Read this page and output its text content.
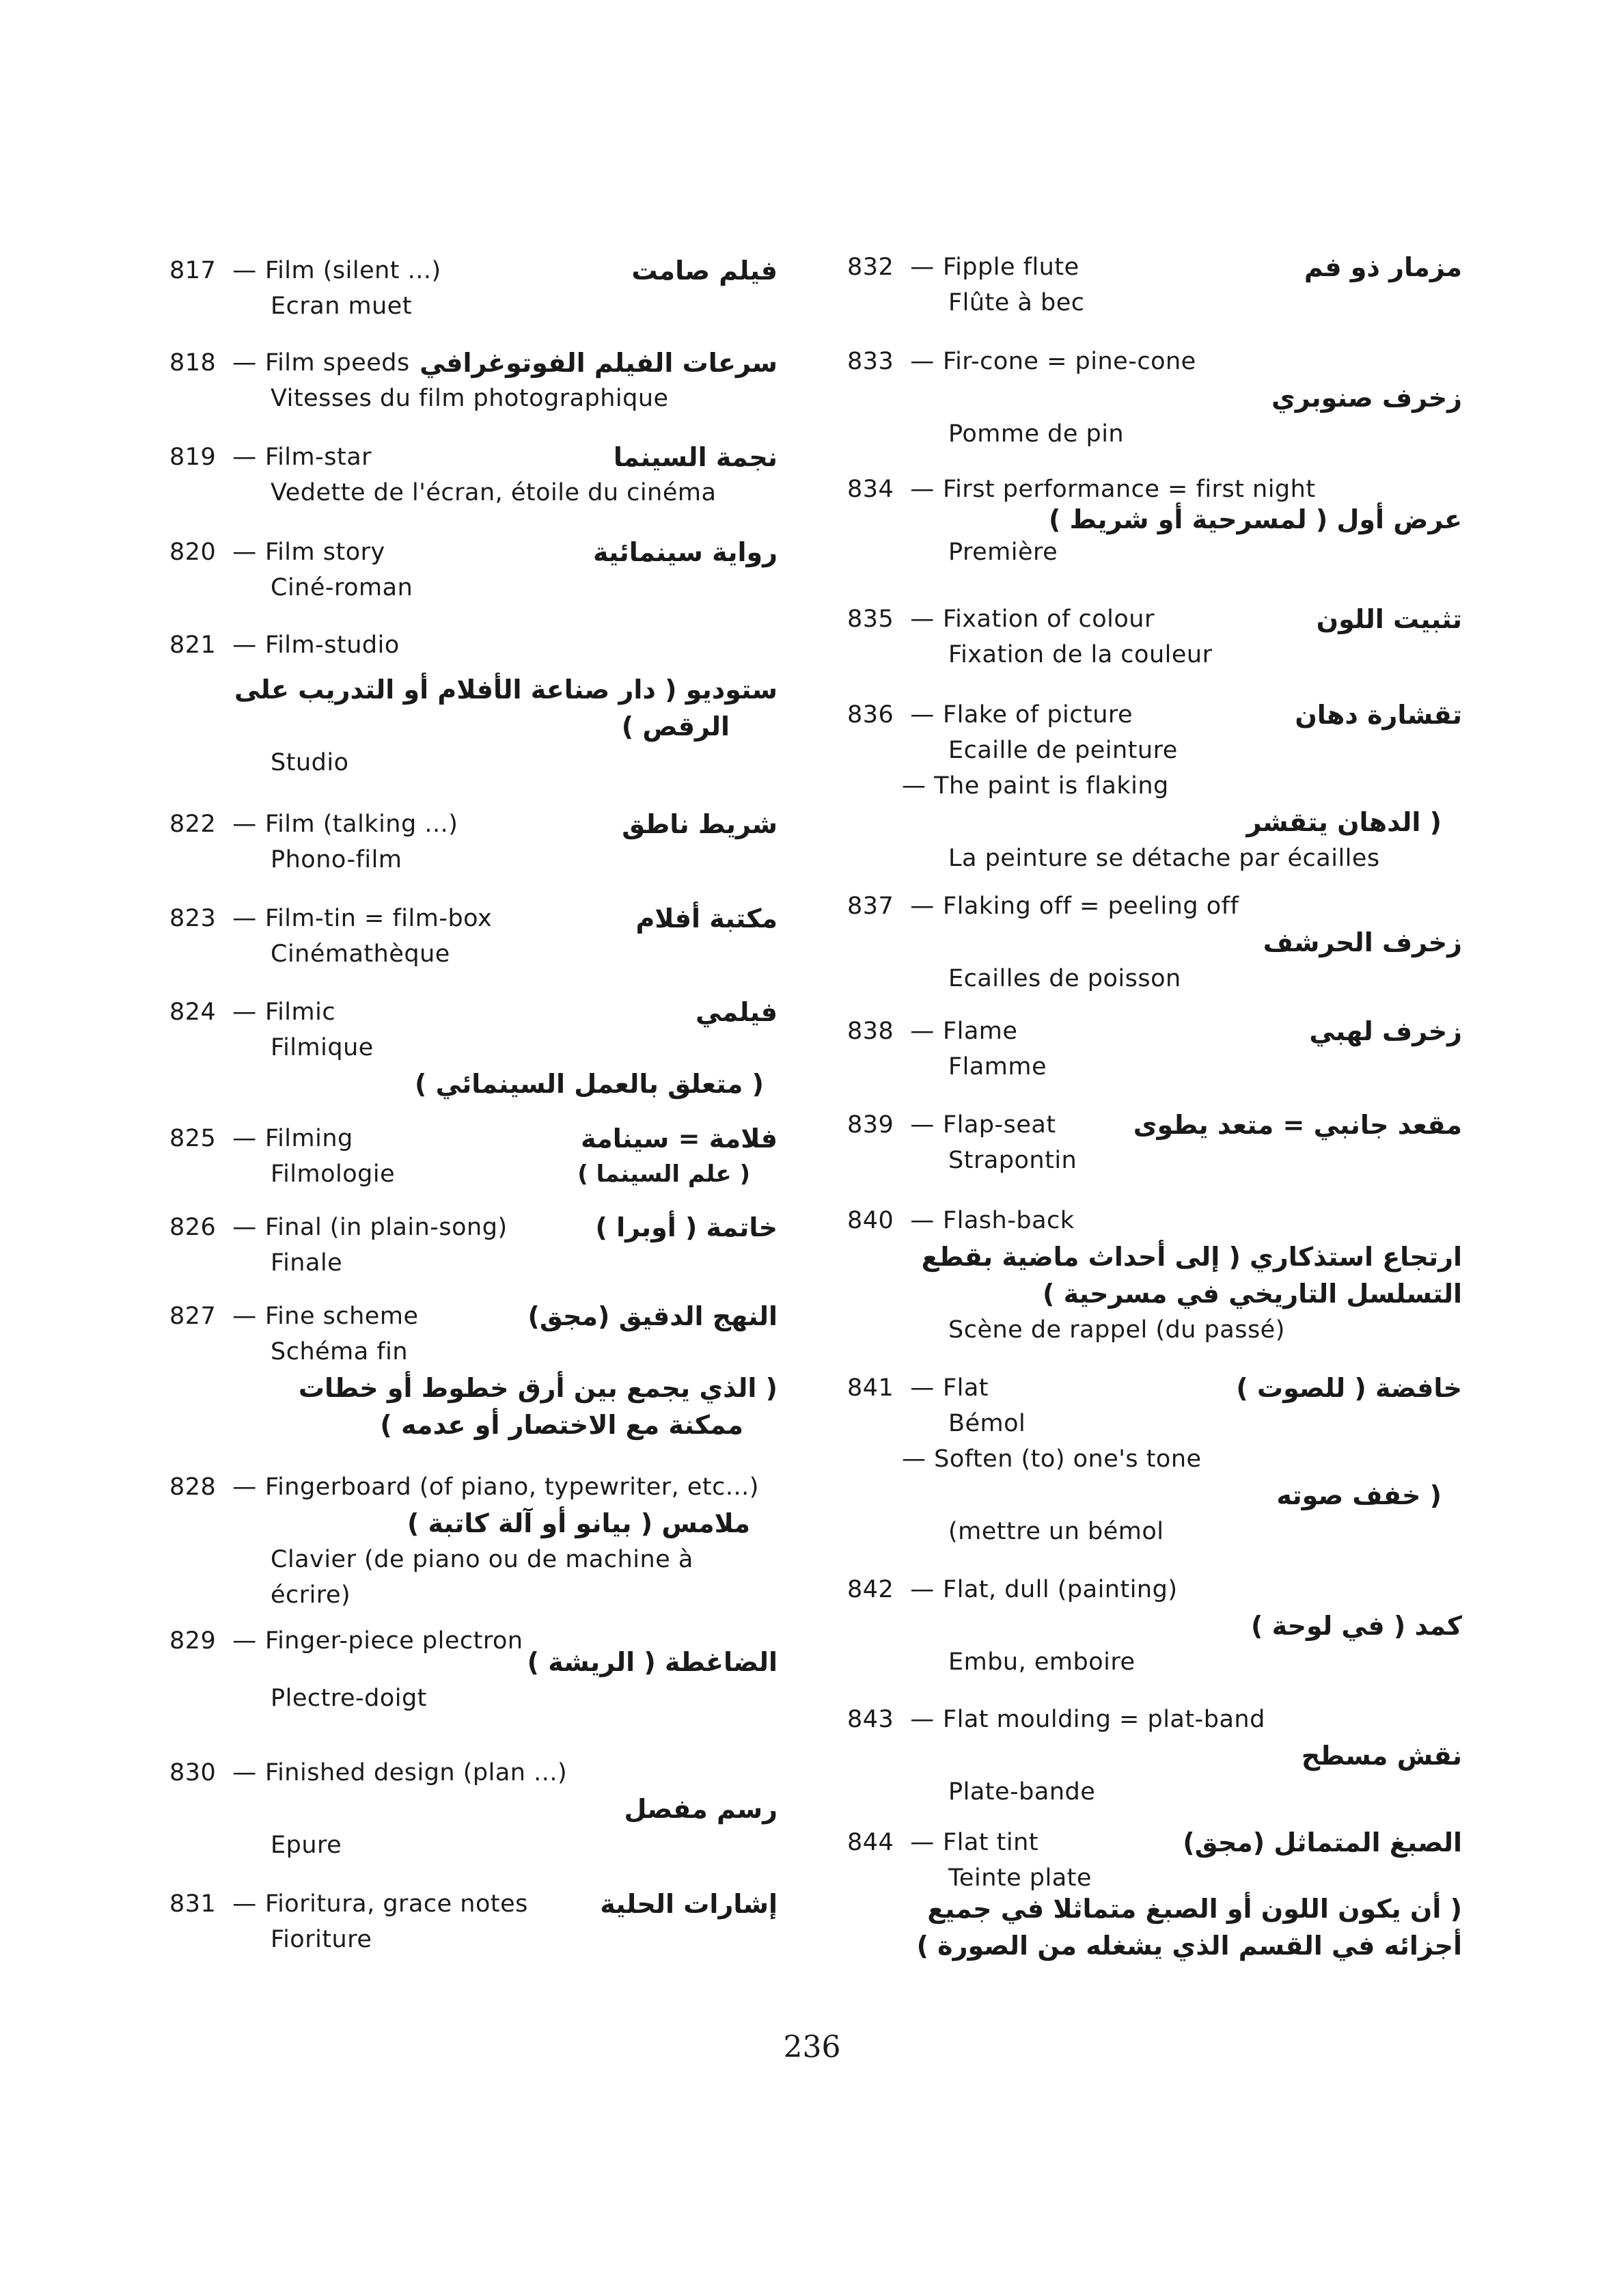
817 — Film (silent ...)	فيلم صامت
Ecran muet
818 — Film speeds سرعات الفيلم الفوتوغرافي
Vitesses du film photographique
819 — Film-star	نجمة السينما
Vedette de l'écran, étoile du cinéma
820 — Film story	رواية سينمائية
Ciné-roman
821 — Film-studio
ستوديو ( دار صناعة الأفلام أو التدريب على
الرقص )
Studio
822 — Film (talking ...)	شريط ناطق
Phono-film
823 — Film-tin = film-box	مكتبة أفلام
Cinémathèque
824 — Filmic	فيلمي
Filmique
( متعلق بالعمل السينمائي )
825 — Filming	فلامة = سينامة
Filmologie	( علم السينما )
826 — Final (in plain-song)	خاتمة ( أوبرا )
Finale
827 — Fine scheme	النهج الدقيق (مجق)
Schéma fin
( الذي يجمع بين أرق خطوط أو خطات
ممكنة مع الاختصار أو عدمه )
828 — Fingerboard (of piano, typewriter, etc...)
ملامس ( بيانو أو آلة كاتبة )
Clavier (de piano ou de machine à
écrire)
829 — Finger-piece plectron
الضاغطة ( الريشة )
Plectre-doigt
830 — Finished design (plan ...)
رسم مفصل
Epure
831 — Fioritura, grace notes	إشارات الحلية
Fioriture
832 — Fipple flute	مزمار ذو فم
Flûte à bec
833 — Fir-cone = pine-cone
زخرف صنوبري
Pomme de pin
834 — First performance = first night
عرض أول ( لمسرحية أو شريط )
Première
835 — Fixation of colour	تثبيت اللون
Fixation de la couleur
836 — Flake of picture	تقشارة دهان
Ecaille de peinture
— The paint is flaking
( الدهان يتقشر
La peinture se détache par écailles
837 — Flaking off = peeling off
زخرف الحرشف
Ecailles de poisson
838 — Flame	زخرف لهبي
Flamme
839 — Flap-seat	مقعد جانبي = متعد يطوى
Strapontin
840 — Flash-back
ارتجاع استذكاري ( إلى أحداث ماضية بقطع
التسلسل التاريخي في مسرحية )
Scène de rappel (du passé)
841 — Flat	خافضة ( للصوت )
Bémol
— Soften (to) one's tone
( خفف صوته
(mettre un bémol
842 — Flat, dull (painting)
كمد ( في لوحة )
Embu, emboire
843 — Flat moulding = plat-band
نقش مسطح
Plate-bande
844 — Flat tint	الصبغ المتماثل (مجق)
Teinte plate
( أن يكون اللون أو الصبغ متماثلا في جميع
أجزائه في القسم الذي يشغله من الصورة )
236
